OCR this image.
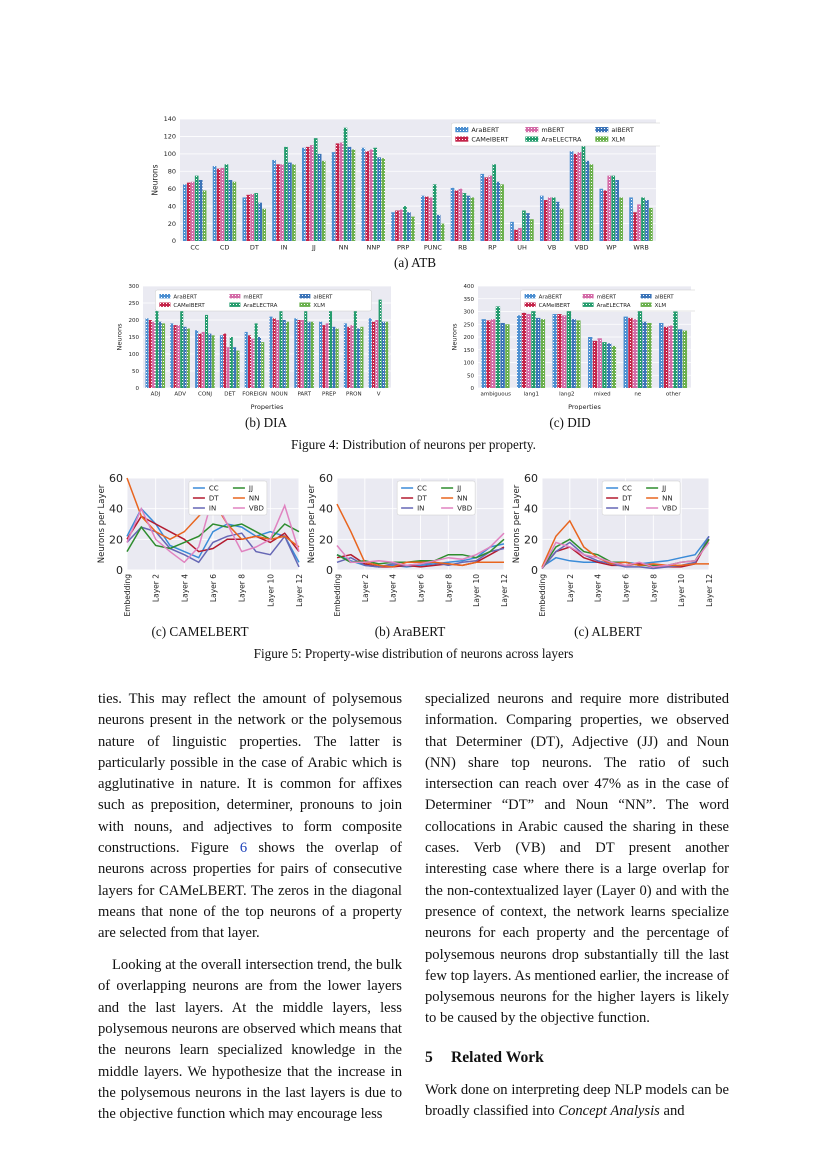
0
20
40
60
80
100
120
140
CC	CD	DT	IN	JJ	NN	NNP	PRP PUNC RB	RP	UH	VB	VBD	WP	WRB
Neurons
AraBERT	mBERT	aIBERT
CAMeIBERT	AraELECTRA	XLM
(a) ATB
0
50
100
150
200
250
300
ADJ	ADV CONJ DET FOREIGN NOUN PART PREP PRON	V
Neurons
Properties
AraBERT	mBERT	aIBERT
CAMeIBERT	AraELECTRA	XLM
(b) DIA
0
50
100
150
200
250
300
350
400
ambiguous lang1	lang2	mixed	ne	other
Neurons
Properties
AraBERT	mBERT	aIBERT
CAMeIBERT	AraELECTRA	XLM
(c) DID
Figure 4: Distribution of neurons per property.
0
20
40
60
Embedding	Layer 2	Layer 4	Layer 6	Layer 8	Layer 10	Layer 12
Neurons per Layer	CC	JJ
DT	NN
IN	VBD
0
20
40
60
Embedding	Layer 2	Layer 4	Layer 6	Layer 8	Layer 10	Layer 12
Neurons per Layer	CC	JJ
DT	NN
IN	VBD
0
20
40
60
Embedding	Layer 2	Layer 4	Layer 6	Layer 8	Layer 10	Layer 12
Neurons per Layer	CC	JJ
DT	NN
IN	VBD
(c) CAMELBERT	(b) AraBERT	(c) ALBERT
Figure 5: Property-wise distribution of neurons across layers

ties. This may reflect the amount of polysemous neurons present in the network or the polysemous nature of linguistic properties. The latter is particularly possible in the case of Arabic which is agglutinative in nature. It is common for affixes such as preposition, determiner, pronouns to join with nouns, and adjectives to form composite constructions. Figure 6 shows the overlap of neurons across properties for pairs of consecutive layers for CAMeLBERT. The zeros in the diagonal means that none of the top neurons of a property are selected from that layer.

Looking at the overall intersection trend, the bulk of overlapping neurons are from the lower layers and the last layers. At the middle layers, less polysemous neurons are observed which means that the neurons learn specialized knowledge in the middle layers. We hypothesize that the increase in the polysemous neurons in the last layers is due to the objective function which may encourage less

specialized neurons and require more distributed information. Comparing properties, we observed that Determiner (DT), Adjective (JJ) and Noun (NN) share top neurons. The ratio of such intersection can reach over 47% as in the case of Determiner “DT” and Noun “NN”. The word collocations in Arabic caused the sharing in these cases. Verb (VB) and DT present another interesting case where there is a large overlap for the non-contextualized layer (Layer 0) and with the presence of context, the network learns specialize neurons for each property and the percentage of polysemous neurons drop substantially till the last few top layers. As mentioned earlier, the increase of polysemous neurons for the higher layers is likely to be caused by the objective function.

5 Related Work

Work done on interpreting deep NLP models can be broadly classified into Concept Analysis and
